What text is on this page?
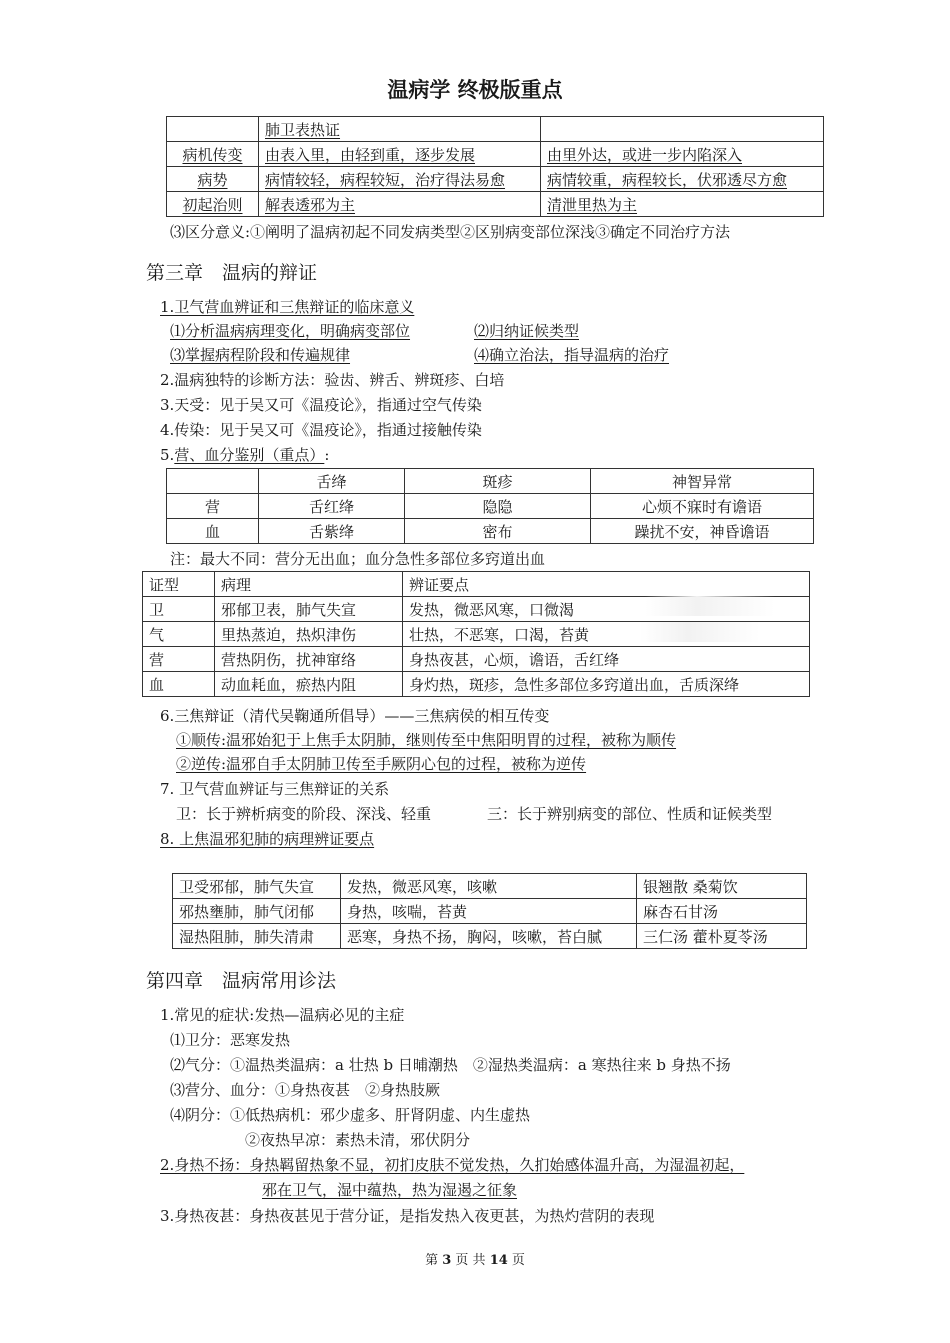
温病学 终极版重点
	肺卫表热证	
病机传变	由表入里，由轻到重，逐步发展	由里外达，或进一步内陷深入
病势	病情较轻，病程较短，治疗得法易愈	病情较重，病程较长，伏邪透尽方愈
初起治则	解表透邪为主	清泄里热为主
⑶区分意义:①阐明了温病初起不同发病类型②区别病变部位深浅③确定不同治疗方法
第三章　温病的辩证
1.卫气营血辨证和三焦辩证的临床意义
⑴分析温病病理变化，明确病变部位	⑵归纳证候类型
⑶掌握病程阶段和传遍规律	⑷确立治法，指导温病的治疗
2.温病独特的诊断方法：验齿、辨舌、辨斑疹、白培
3.天受：见于吴又可《温疫论》，指通过空气传染
4.传染：见于吴又可《温疫论》，指通过接触传染
5.营、血分鉴别（重点）:
	舌绛	斑疹	神智异常
营	舌红绛	隐隐	心烦不寐时有谵语
血	舌紫绛	密布	躁扰不安，神昏谵语
注：最大不同：营分无出血；血分急性多部位多窍道出血
证型	病理	辨证要点
卫	邪郁卫表，肺气失宣	发热，微恶风寒，口微渴
气	里热蒸迫，热炽津伤	壮热，不恶寒，口渴，苔黄
营	营热阴伤，扰神窜络	身热夜甚，心烦，谵语，舌红绛
血	动血耗血，瘀热内阻	身灼热，斑疹，急性多部位多窍道出血，舌质深绛
6.三焦辩证（清代吴鞠通所倡导）——三焦病侯的相互传变
①顺传:温邪始犯于上焦手太阴肺，继则传至中焦阳明胃的过程，被称为顺传
②逆传:温邪自手太阴肺卫传至手厥阴心包的过程，被称为逆传
7. 卫气营血辨证与三焦辩证的关系
卫：长于辨析病变的阶段、深浅、轻重	三：长于辨别病变的部位、性质和证候类型
8. 上焦温邪犯肺的病理辨证要点
卫受邪郁，肺气失宣	发热，微恶风寒，咳嗽	银翘散 桑菊饮
邪热壅肺，肺气闭郁	身热，咳喘，苔黄	麻杏石甘汤
湿热阻肺，肺失清肃	恶寒，身热不扬，胸闷，咳嗽，苔白腻	三仁汤 藿朴夏苓汤
第四章　温病常用诊法
1.常见的症状:发热—温病必见的主症
⑴卫分：恶寒发热
⑵气分：①温热类温病：a 壮热 b 日晡潮热　②湿热类温病：a 寒热往来 b 身热不扬
⑶营分、血分：①身热夜甚　②身热肢厥
⑷阴分：①低热病机：邪少虚多、肝肾阴虚、内生虚热
②夜热早凉：素热未清，邪伏阴分
2.身热不扬：身热羁留热象不显，初扪皮肤不觉发热，久扪始感体温升高，为湿温初起，
邪在卫气，湿中蕴热，热为湿遏之征象
3.身热夜甚：身热夜甚见于营分证，是指发热入夜更甚，为热灼营阴的表现
第 3 页 共 14 页
